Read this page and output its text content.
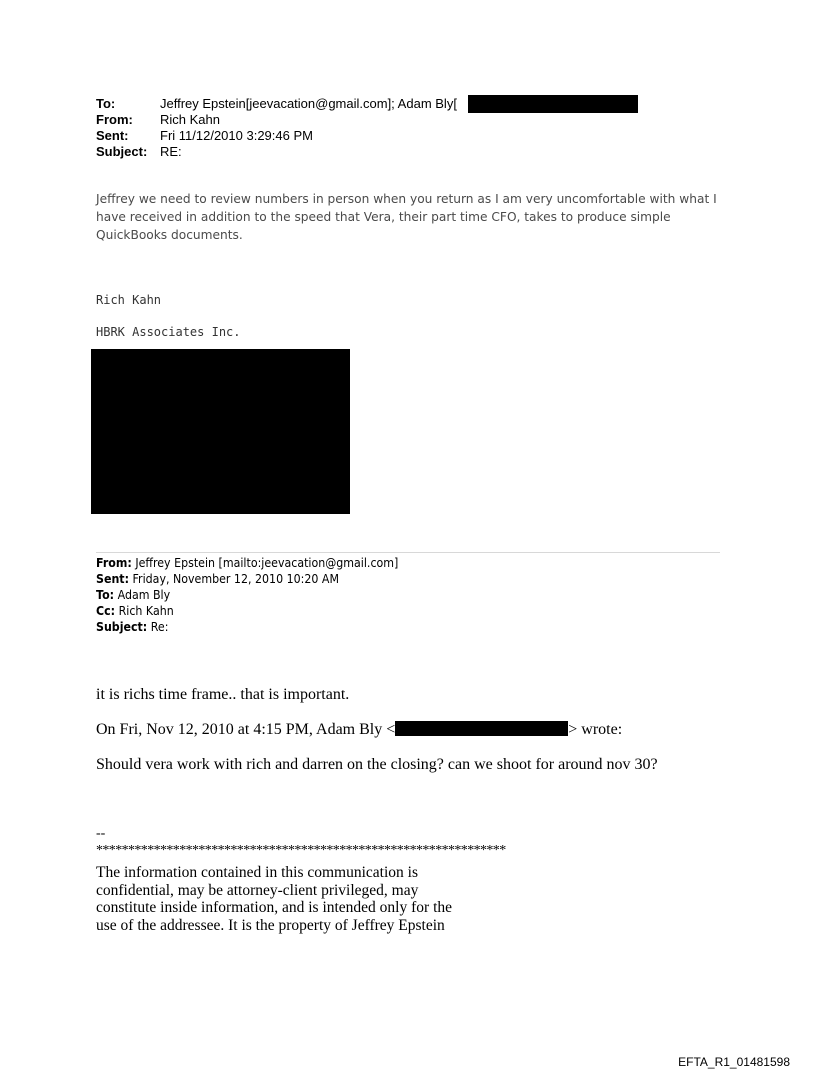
To:	Jeffrey Epstein[jeevacation@gmail.com]; Adam Bly[
From: Rich Kahn
Sent: Fri 11/12/2010 3:29:46 PM
Subject: RE:
Jeffrey we need to review numbers in person when you return as I am very uncomfortable with what I have received in addition to the speed that Vera, their part time CFO, takes to produce simple QuickBooks documents.
Rich Kahn
HBRK Associates Inc.
From: Jeffrey Epstein [mailto:jeevacation@gmail.com]
Sent: Friday, November 12, 2010 10:20 AM
To: Adam Bly
Cc: Rich Kahn
Subject: Re:
it is richs time frame.. that is important.
On Fri, Nov 12, 2010 at 4:15 PM, Adam Bly <	> wrote:
Should vera work with rich and darren on the closing? can we shoot for around nov 30?
--
****************************************************************
The information contained in this communication is confidential, may be attorney-client privileged, may constitute inside information, and is intended only for the use of the addressee. It is the property of Jeffrey Epstein
EFTA_R1_01481598
